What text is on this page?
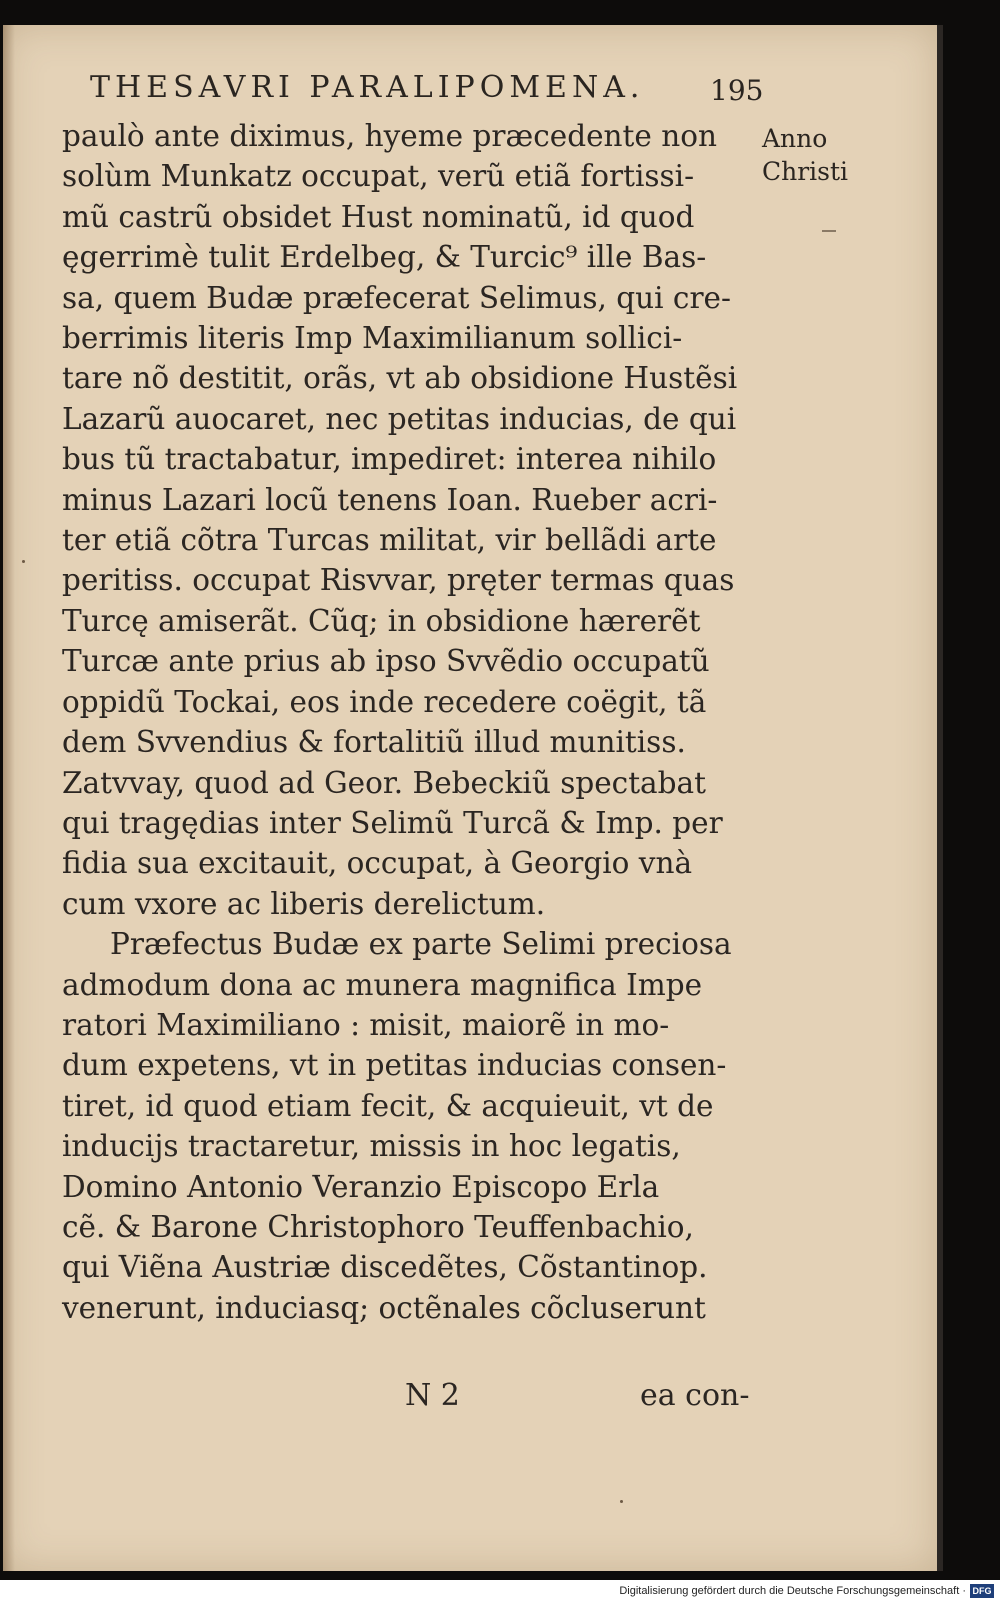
THESAVRI PARALIPOMENA.	195
Anno
Christi
paulò ante diximus, hyeme præcedente non
solùm Munkatz occupat, verũ etiã fortissi-
mũ castrũ obsidet Hust nominatũ, id quod
ęgerrimè tulit Erdelbeg, & Turcic⁹ ille Bas-
sa, quem Budæ præfecerat Selimus, qui cre-
berrimis literis Imp Maximilianum sollici-
tare nõ destitit, orãs, vt ab obsidione Hustẽsi
Lazarũ auocaret, nec petitas inducias, de qui
bus tũ tractabatur, impediret: interea nihilo
minus Lazari locũ tenens Ioan. Rueber acri-
ter etiã cõtra Turcas militat, vir bellãdi arte
peritiss. occupat Risvvar, pręter termas quas
Turcę amiserãt. Cũq; in obsidione hærerẽt
Turcæ ante prius ab ipso Svvẽdio occupatũ
oppidũ Tockai, eos inde recedere coëgit, tã
dem Svvendius & fortalitiũ illud munitiss.
Zatvvay, quod ad Geor. Bebeckiũ spectabat
qui tragędias inter Selimũ Turcã & Imp. per
fidia sua excitauit, occupat, à Georgio vnà
cum vxore ac liberis derelictum.
Præfectus Budæ ex parte Selimi preciosa
admodum dona ac munera magnifica Impe
ratori Maximiliano : misit, maiorẽ in mo-
dum expetens, vt in petitas inducias consen-
tiret, id quod etiam fecit, & acquieuit, vt de
inducijs tractaretur, missis in hoc legatis,
Domino Antonio Veranzio Episcopo Erla
cẽ. & Barone Christophoro Teuffenbachio,
qui Viẽna Austriæ discedẽtes, Cõstantinop.
venerunt, induciasq; octẽnales cõcluserunt
N 2	ea con-
Digitalisierung gefördert durch die Deutsche Forschungsgemeinschaft · DFG
